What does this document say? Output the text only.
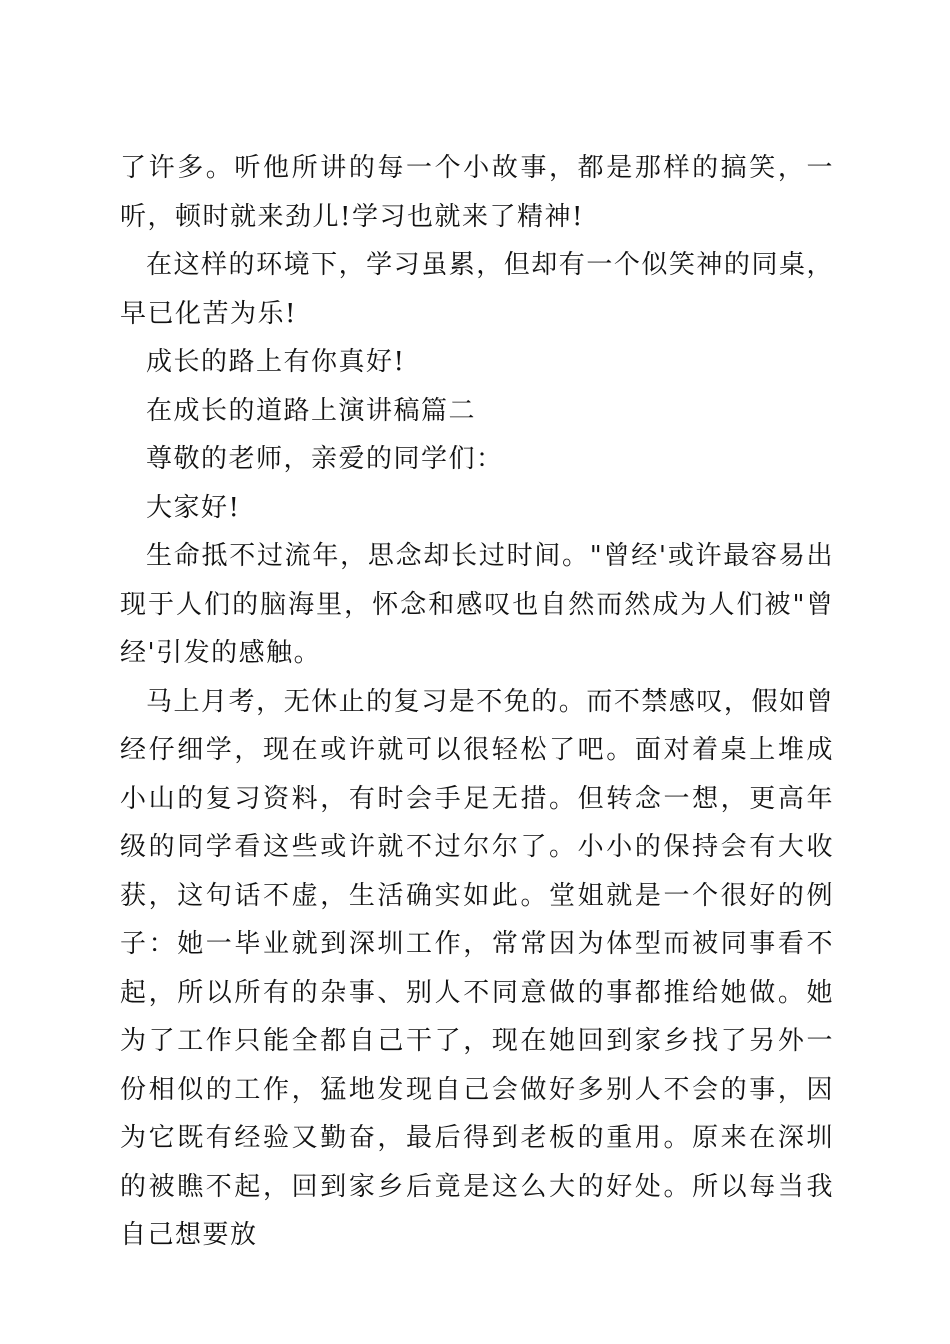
了许多。听他所讲的每一个小故事，都是那样的搞笑，一听，顿时就来劲儿!学习也就来了精神!

在这样的环境下，学习虽累，但却有一个似笑神的同桌，早已化苦为乐!

成长的路上有你真好!

在成长的道路上演讲稿篇二

尊敬的老师，亲爱的同学们：

大家好!

生命抵不过流年，思念却长过时间。"曾经'或许最容易出现于人们的脑海里，怀念和感叹也自然而然成为人们被"曾经'引发的感触。

马上月考，无休止的复习是不免的。而不禁感叹，假如曾经仔细学，现在或许就可以很轻松了吧。面对着桌上堆成小山的复习资料，有时会手足无措。但转念一想，更高年级的同学看这些或许就不过尔尔了。小小的保持会有大收获，这句话不虚，生活确实如此。堂姐就是一个很好的例子：她一毕业就到深圳工作，常常因为体型而被同事看不起，所以所有的杂事、别人不同意做的事都推给她做。她为了工作只能全都自己干了，现在她回到家乡找了另外一份相似的工作，猛地发现自己会做好多别人不会的事，因为它既有经验又勤奋，最后得到老板的重用。原来在深圳的被瞧不起，回到家乡后竟是这么大的好处。所以每当我自己想要放
